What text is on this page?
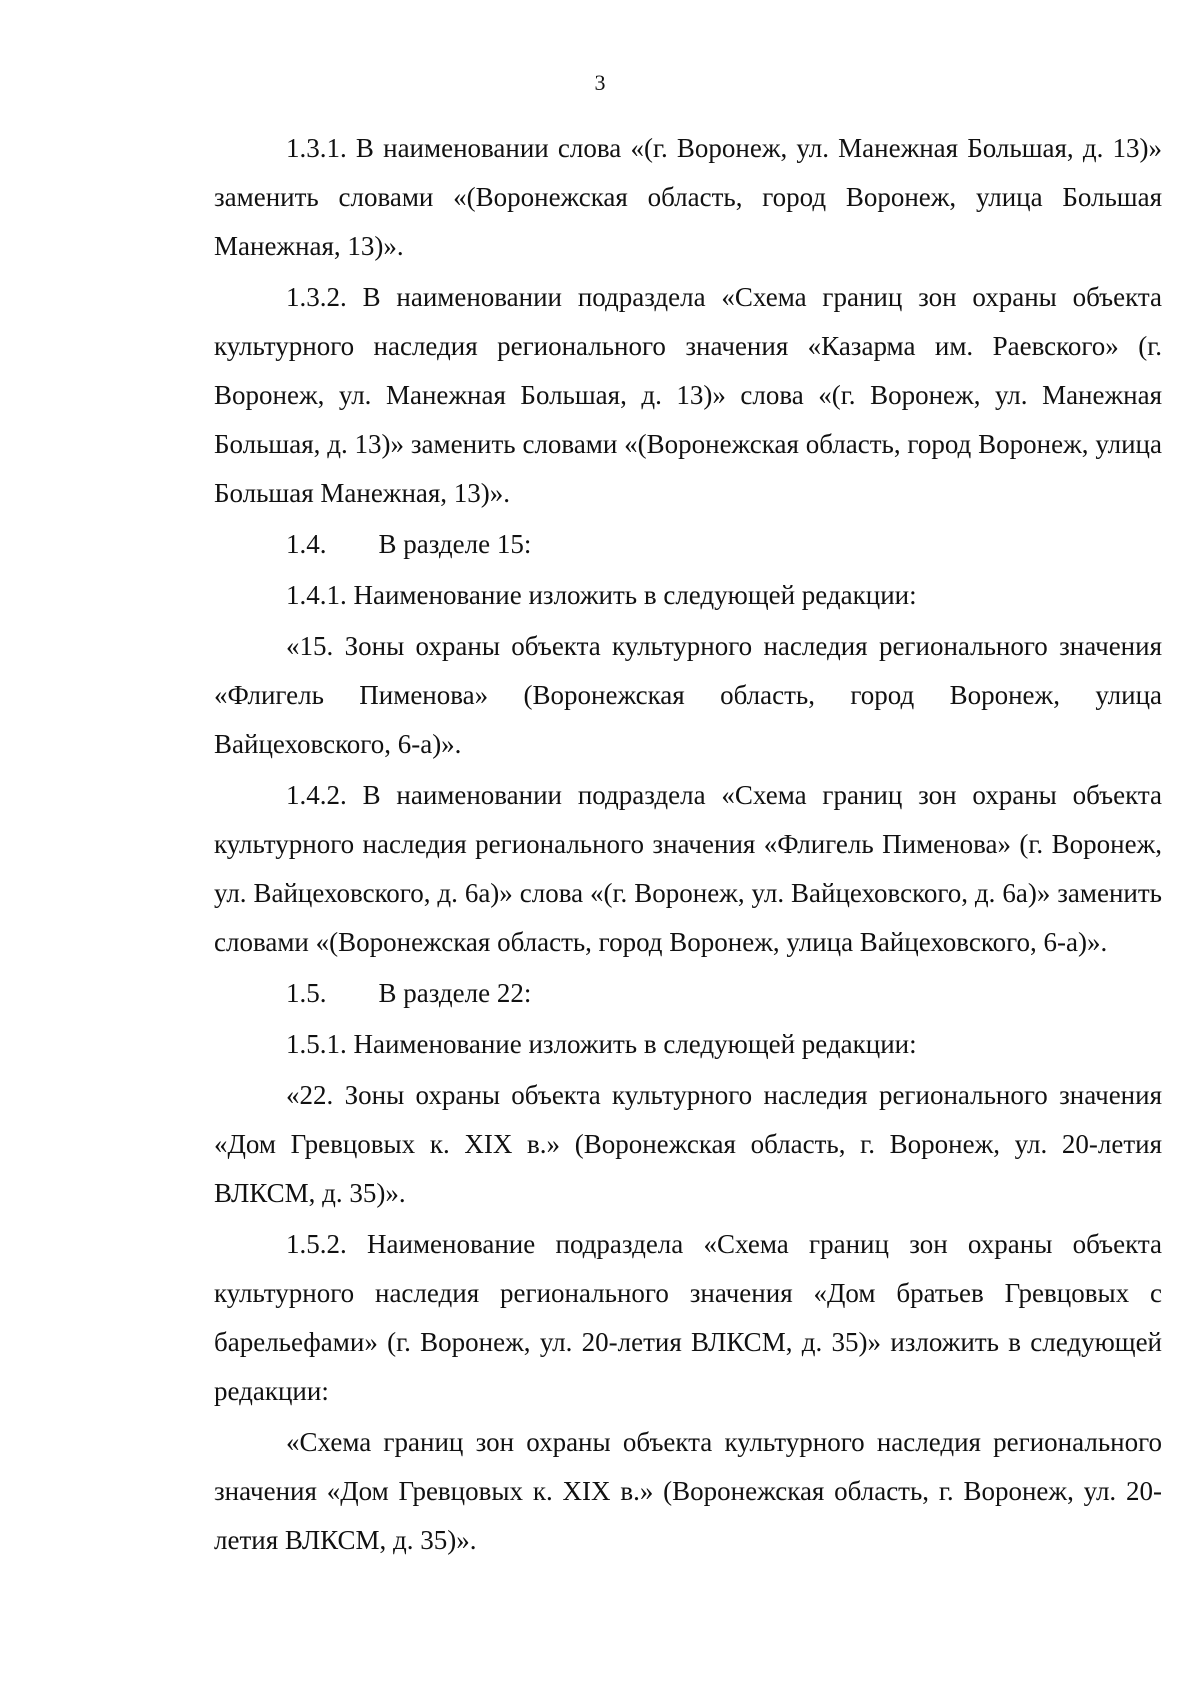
3

1.3.1. В наименовании слова «(г. Воронеж, ул. Манежная Большая, д. 13)» заменить словами «(Воронежская область, город Воронеж, улица Большая Манежная, 13)».

1.3.2. В наименовании подраздела «Схема границ зон охраны объекта культурного наследия регионального значения «Казарма им. Раевского» (г. Воронеж, ул. Манежная Большая, д. 13)» слова «(г. Воронеж, ул. Манежная Большая, д. 13)» заменить словами «(Воронежская область, город Воронеж, улица Большая Манежная, 13)».

1.4. В разделе 15:

1.4.1. Наименование изложить в следующей редакции:

«15. Зоны охраны объекта культурного наследия регионального значения «Флигель Пименова» (Воронежская область, город Воронеж, улица Вайцеховского, 6-а)».

1.4.2. В наименовании подраздела «Схема границ зон охраны объекта культурного наследия регионального значения «Флигель Пименова» (г. Воронеж, ул. Вайцеховского, д. 6а)» слова «(г. Воронеж, ул. Вайцеховского, д. 6а)» заменить словами «(Воронежская область, город Воронеж, улица Вайцеховского, 6-а)».

1.5. В разделе 22:

1.5.1. Наименование изложить в следующей редакции:

«22. Зоны охраны объекта культурного наследия регионального значения «Дом Гревцовых к. XIX в.» (Воронежская область, г. Воронеж, ул. 20-летия ВЛКСМ, д. 35)».

1.5.2. Наименование подраздела «Схема границ зон охраны объекта культурного наследия регионального значения «Дом братьев Гревцовых с барельефами» (г. Воронеж, ул. 20-летия ВЛКСМ, д. 35)» изложить в следующей редакции:

«Схема границ зон охраны объекта культурного наследия регионального значения «Дом Гревцовых к. XIX в.» (Воронежская область, г. Воронеж, ул. 20-летия ВЛКСМ, д. 35)».
